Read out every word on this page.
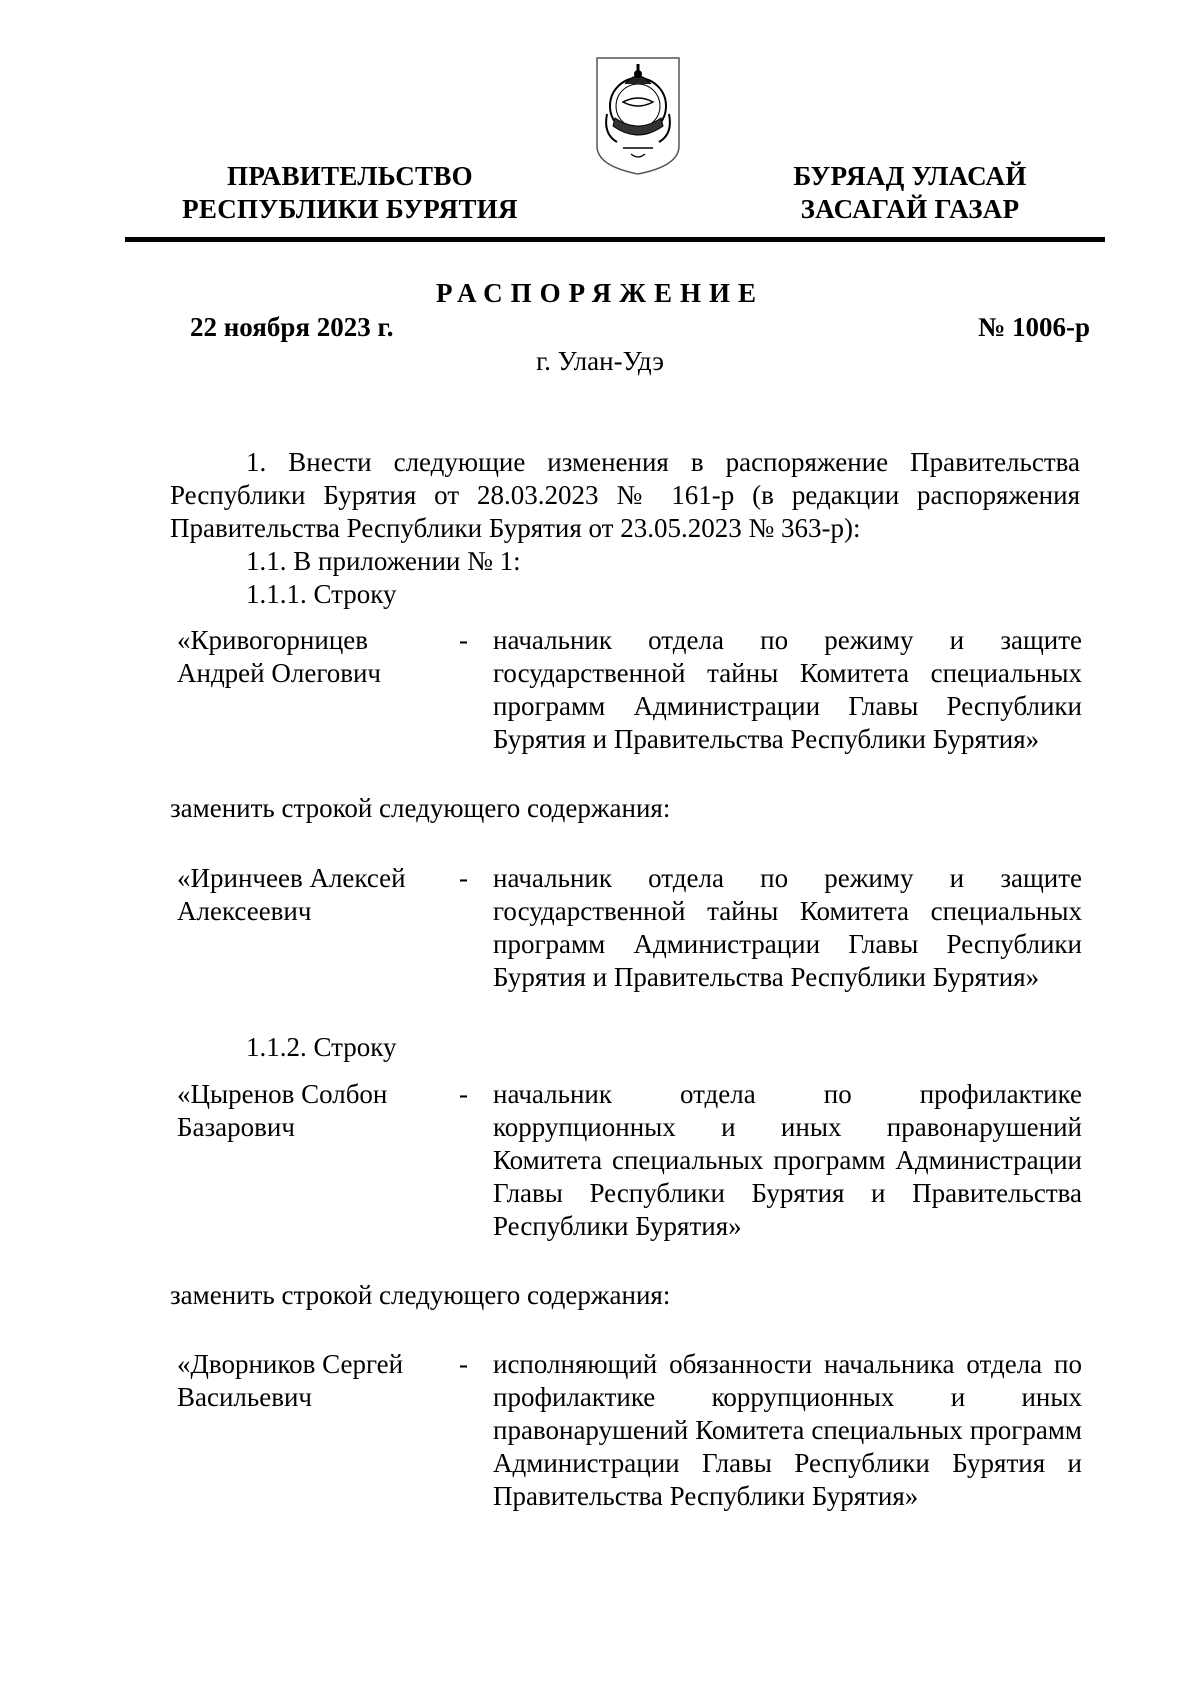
ПРАВИТЕЛЬСТВО
РЕСПУБЛИКИ БУРЯТИЯ
БУРЯАД УЛАСАЙ
ЗАСАГАЙ ГАЗАР
РАСПОРЯЖЕНИЕ
22 ноября 2023 г.	№ 1006-р
г. Улан-Удэ
1. Внести следующие изменения в распоряжение Правительства Республики Бурятия от 28.03.2023 № 161-р (в редакции распоряжения Правительства Республики Бурятия от 23.05.2023 № 363-р):
1.1. В приложении № 1:
1.1.1. Строку
«Кривогорницев Андрей Олегович
- начальник отдела по режиму и защите государственной тайны Комитета специальных программ Администрации Главы Республики Бурятия и Правительства Республики Бурятия»
заменить строкой следующего содержания:
«Иринчеев Алексей Алексеевич
- начальник отдела по режиму и защите государственной тайны Комитета специальных программ Администрации Главы Республики Бурятия и Правительства Республики Бурятия»
1.1.2. Строку
«Цыренов Солбон Базарович
- начальник отдела по профилактике коррупционных и иных правонарушений Комитета специальных программ Администрации Главы Республики Бурятия и Правительства Республики Бурятия»
заменить строкой следующего содержания:
«Дворников Сергей Васильевич
- исполняющий обязанности начальника отдела по профилактике коррупционных и иных правонарушений Комитета специальных программ Администрации Главы Республики Бурятия и Правительства Республики Бурятия»
